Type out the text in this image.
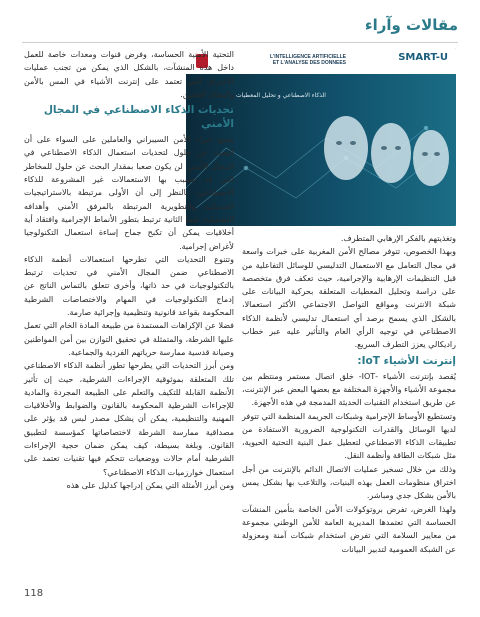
مقالات وآراء
SMART-U
L'INTELLIGENCE ARTIFICIELLE
ET L'ANALYSE DES DONNEES
الذكاء الاصطناعي و تحليل المعطيات

وتغذيتهم بالفكر الإرهابي المتطرف.

وبهذا الخصوص، تتوفر مصالح الأمن المغربية على خبرات واسعة في مجال التعامل مع الاستعمال التدليسي للوسائل التفاعلية من قبل التنظيمات الإرهابية والإجرامية، حيث تعكف فرق متخصصة على دراسة وتحليل المعطيات المتعلقة بحركية البيانات على شبكة الانترنت ومواقع التواصل الاجتماعي الأكثر استعمالا، بالشكل الذي يسمح برصد أي استعمال تدليسي لأنظمة الذكاء الاصطناعي في توجيه الرأي العام والتأثير عليه عبر خطاب راديكالي يعزز التطرف السريع.

إنترنت الأشياء IoT:

يُقصد بإنترنت الأشياء -IOT- خلق اتصال مستمر ومنتظم بين مجموعة الأشياء والأجهزة المختلفة مع بعضها البعض عبر الإنترنت، عن طريق استخدام التقنيات الحديثة المدمجة في هذه الأجهزة.

وتستطيع الأوساط الإجرامية وشبكات الجريمة المنظمة التي تتوفر لديها الوسائل والقدرات التكنولوجية الضرورية الاستفادة من تطبيقات الذكاء الاصطناعي لتعطيل عمل البنية التحتية الحيوية، مثل شبكات الطاقة وأنظمة النقل.

وذلك من خلال تسخير عمليات الاتصال الدائم بالإنترنت من أجل اختراق منظومات العمل بهذه البنيات، والتلاعب بها بشكل يمس بالأمن بشكل جدي ومباشر.

ولهذا الغرض، تفرض بروتوكولات الأمن الخاصة بتأمين المنشآت الحساسة التي تعتمدها المديرية العامة للأمن الوطني مجموعة من معايير السلامة التي تفرض استخدام شبكات آمنة ومعزولة عن الشبكة العمومية لتدبير البيانات

التحتية الأمنية الحساسة، وفرض قنوات ومعدات خاصة للعمل داخل هذه المنشآت، بالشكل الذي يمكن من تجنب عمليات الاختراق التي تعتمد على إنترنت الأشياء في المس بالأمن والنظام العامين.

تحديات الذكاء الاصطناعي في المجال الأمني

يجمع خبراء الأمن السيبراني والعاملين على السواء على أن البحث عن حلول لتحديات استعمال الذكاء الاصطناعي في المجال الأمني، لن يكون صعبا بمقدار البحث عن حلول للمخاطر التي قد تتسبب بها الاستعمالات غير المشروعة للذكاء الاصطناعي، بالنظر إلى أن الأولى مرتبطة بالاستراتيجيات الخدماتية والتطويرية المرتبطة بالمرفق الأمني وأهدافه التشغيلية، فيما الثانية ترتبط بتطور الأنماط الإجرامية وافتقاد أية أخلاقيات يمكن أن تكبح جماح إساءة استعمال التكنولوجيا لأغراض إجرامية.

وتتنوع التحديات التي تطرحها استعمالات أنظمة الذكاء الاصطناعي ضمن المجال الأمني في تحديات ترتبط بالتكنولوجيات في حد ذاتها، وأخرى تتعلق بالتماس الناتج عن إدماج التكنولوجيات في المهام والاختصاصات الشرطية المحكومة بقواعد قانونية وتنظيمية وإجرائية صارمة.

فضلا عن الإكراهات المستمدة من طبيعة المادة الخام التي تعمل عليها الشرطة، والمتمثلة في تحقيق التوازن بين أمن المواطنين وصيانة قدسية ممارسة حرياتهم الفردية والجماعية.

ومن أبرز التحديات التي يطرحها تطور أنظمة الذكاء الاصطناعي تلك المتعلقة بموثوقية الإجراءات الشرطية، حيث إن تأثير الأنظمة القابلة للتكيف والتعلم على الطبيعة المجردة والمادية للإجراءات الشرطية المحكومة بالقانون والضوابط والأخلاقيات المهنية والتنظيمية، يمكن أن يشكل مصدر لبس قد يؤثر على مصداقية ممارسة الشرطة لاختصاصاتها كمؤسسة لتطبيق القانون. وبلغة بسيطة، كيف يمكن ضمان حجية الإجراءات الشرطية أمام حالات ووضعيات تتحكم فيها تقنيات تعتمد على استعمال خوارزميات الذكاء الاصطناعي؟

ومن أبرز الأمثلة التي يمكن إدراجها كدليل على هذه

118
